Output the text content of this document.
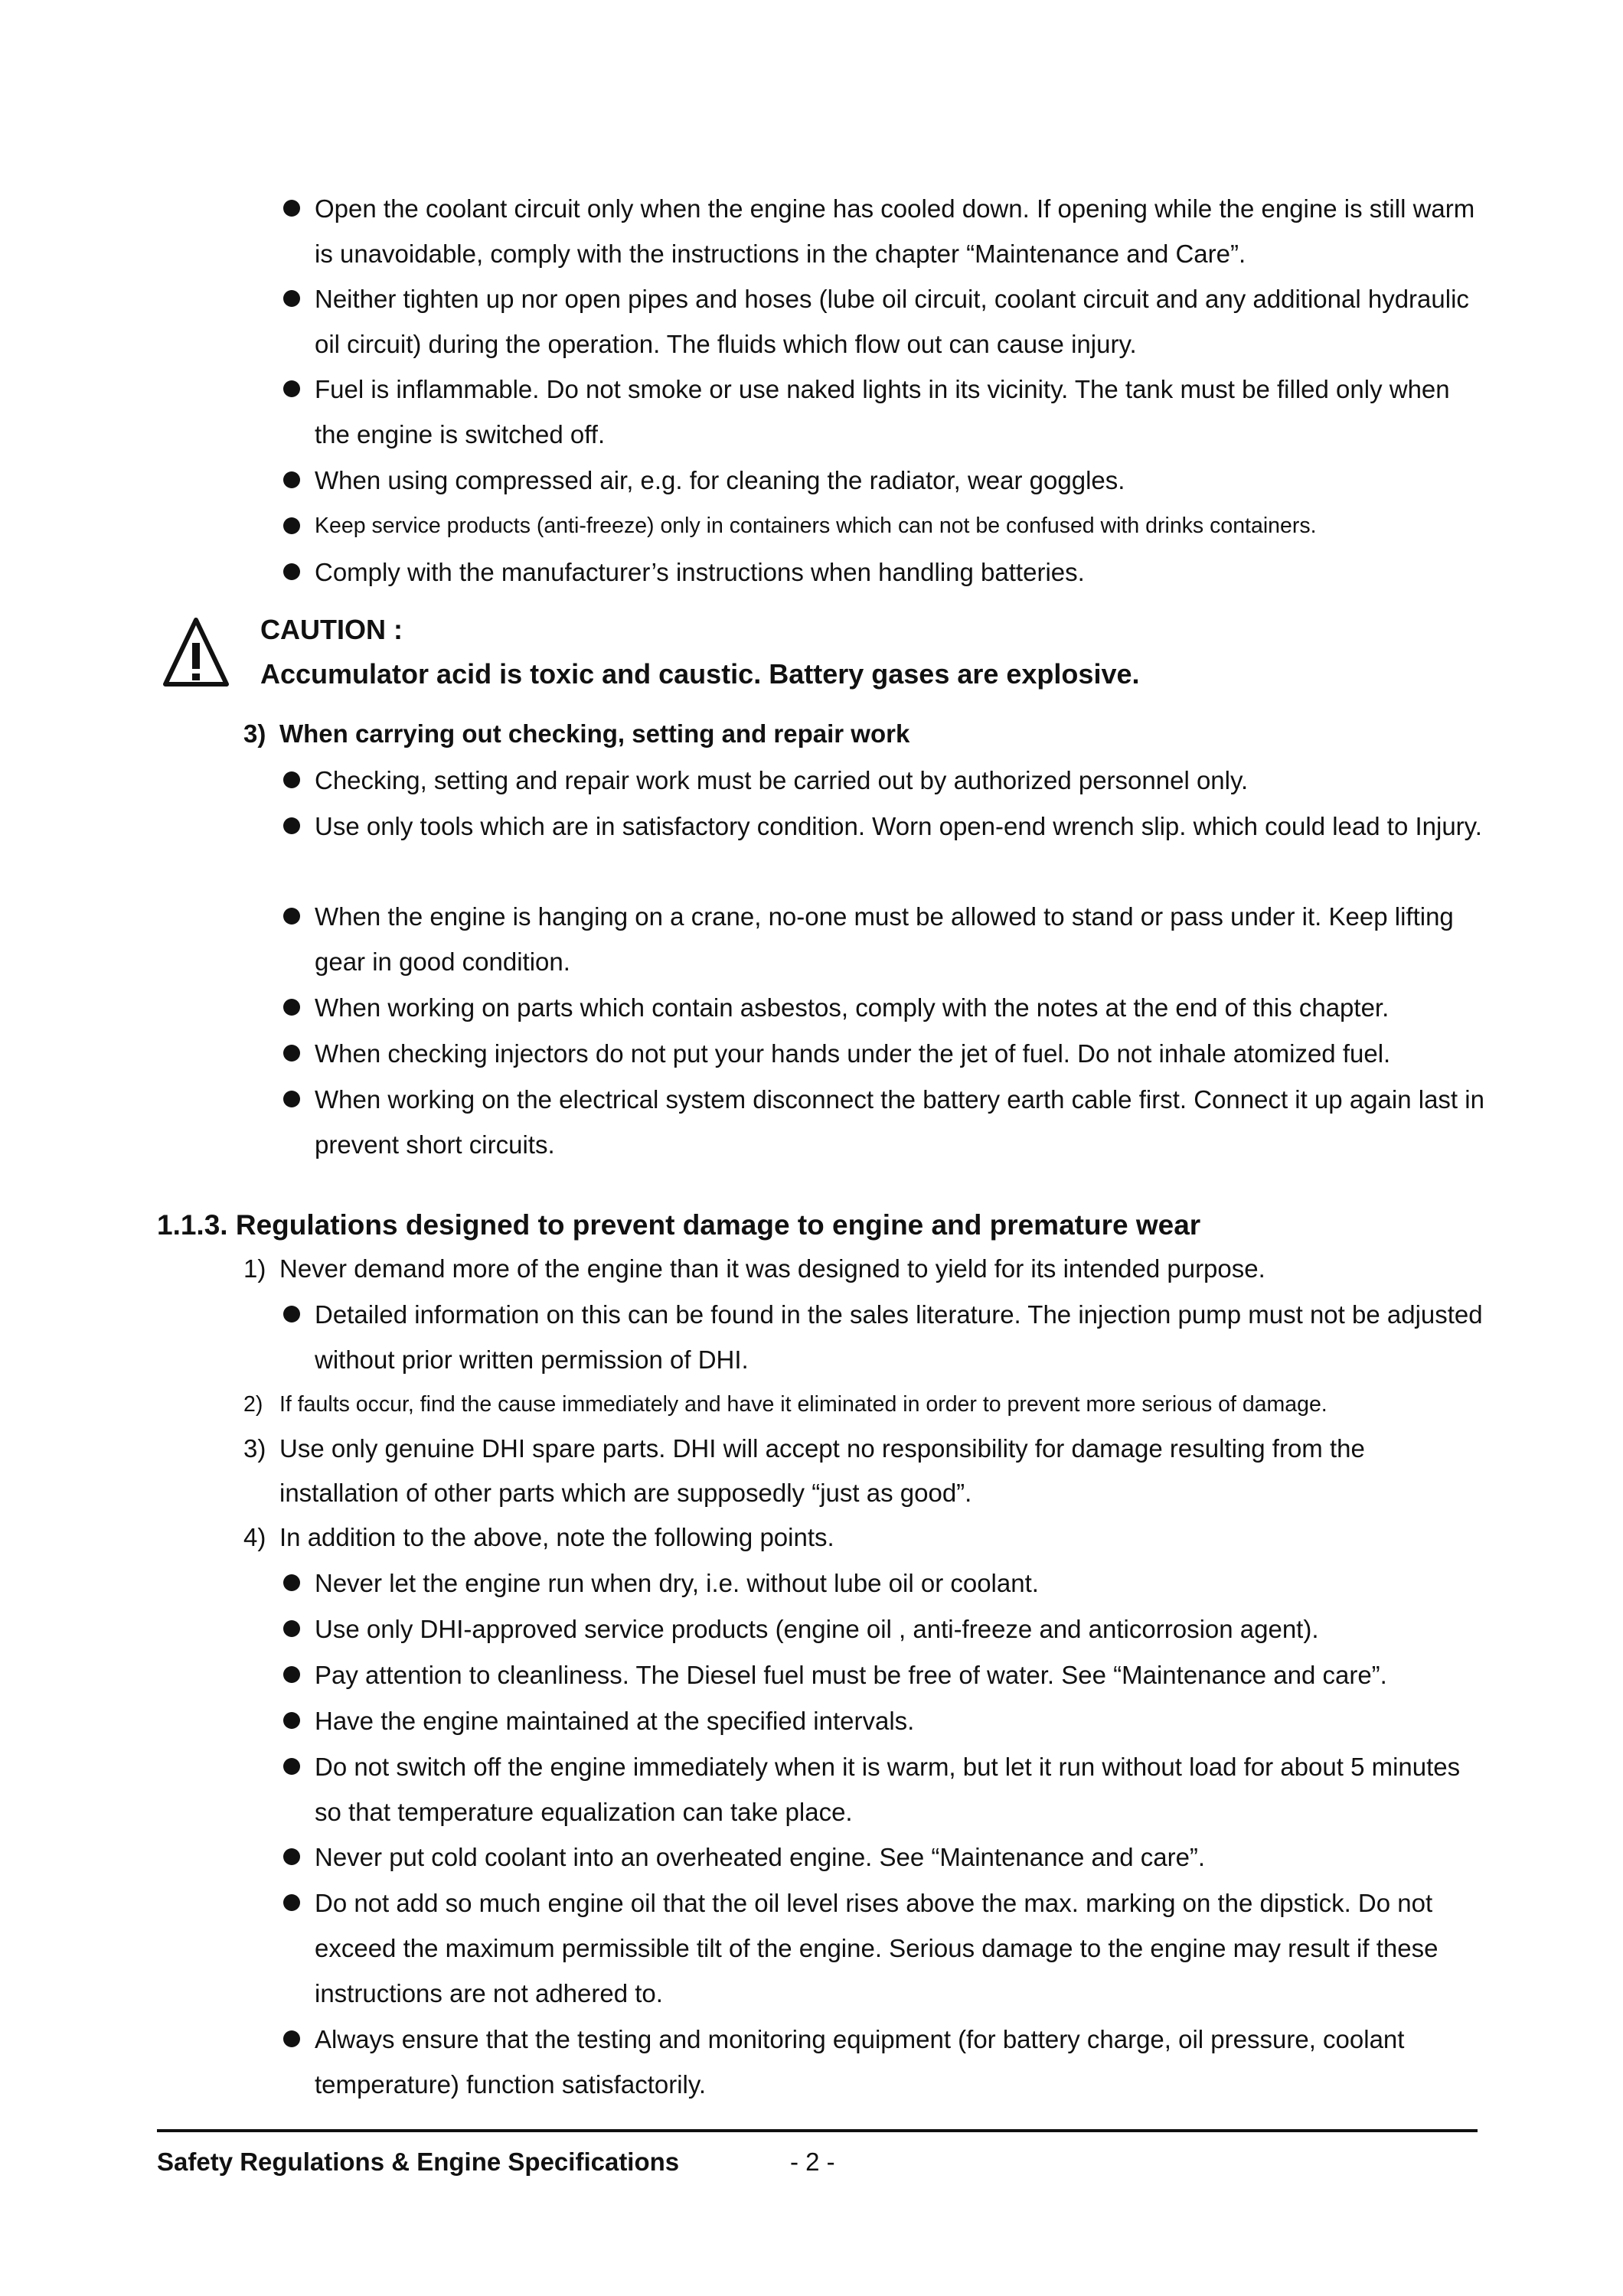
Open the coolant circuit only when the engine has cooled down. If opening while the engine is still warm is unavoidable, comply with the instructions in the chapter “Maintenance and Care”.
Neither tighten up nor open pipes and hoses (lube oil circuit, coolant circuit and any additional hydraulic oil circuit) during the operation. The fluids which flow out can cause injury.
Fuel is inflammable. Do not smoke or use naked lights in its vicinity. The tank must be filled only when the engine is switched off.
When using compressed air, e.g. for cleaning the radiator, wear goggles.
Keep service products (anti-freeze) only in containers which can not be confused with drinks containers.
Comply with the manufacturer’s instructions when handling batteries.
CAUTION :
Accumulator acid is toxic and caustic. Battery gases are explosive.
3) When carrying out checking, setting and repair work
Checking, setting and repair work must be carried out by authorized personnel only.
Use only tools which are in satisfactory condition. Worn open-end wrench slip. which could lead to Injury.
When the engine is hanging on a crane, no-one must be allowed to stand or pass under it. Keep lifting gear in good condition.
When working on parts which contain asbestos, comply with the notes at the end of this chapter.
When checking injectors do not put your hands under the jet of fuel. Do not inhale atomized fuel.
When working on the electrical system disconnect the battery earth cable first. Connect it up again last in prevent short circuits.
1.1.3. Regulations designed to prevent damage to engine and premature wear
1) Never demand more of the engine than it was designed to yield for its intended purpose.
Detailed information on this can be found in the sales literature. The injection pump must not be adjusted without prior written permission of DHI.
2) If faults occur, find the cause immediately and have it eliminated in order to prevent more serious of damage.
3) Use only genuine DHI spare parts. DHI will accept no responsibility for damage resulting from the installation of other parts which are supposedly “just as good”.
4) In addition to the above, note the following points.
Never let the engine run when dry, i.e. without lube oil or coolant.
Use only DHI-approved service products (engine oil , anti-freeze and anticorrosion agent).
Pay attention to cleanliness. The Diesel fuel must be free of water. See “Maintenance and care”.
Have the engine maintained at the specified intervals.
Do not switch off the engine immediately when it is warm, but let it run without load for about 5 minutes so that temperature equalization can take place.
Never put cold coolant into an overheated engine. See “Maintenance and care”.
Do not add so much engine oil that the oil level rises above the max. marking on the dipstick. Do not exceed the maximum permissible tilt of the engine. Serious damage to the engine may result if these instructions are not adhered to.
Always ensure that the testing and monitoring equipment (for battery charge, oil pressure, coolant temperature) function satisfactorily.
Safety Regulations & Engine Specifications	- 2 -
